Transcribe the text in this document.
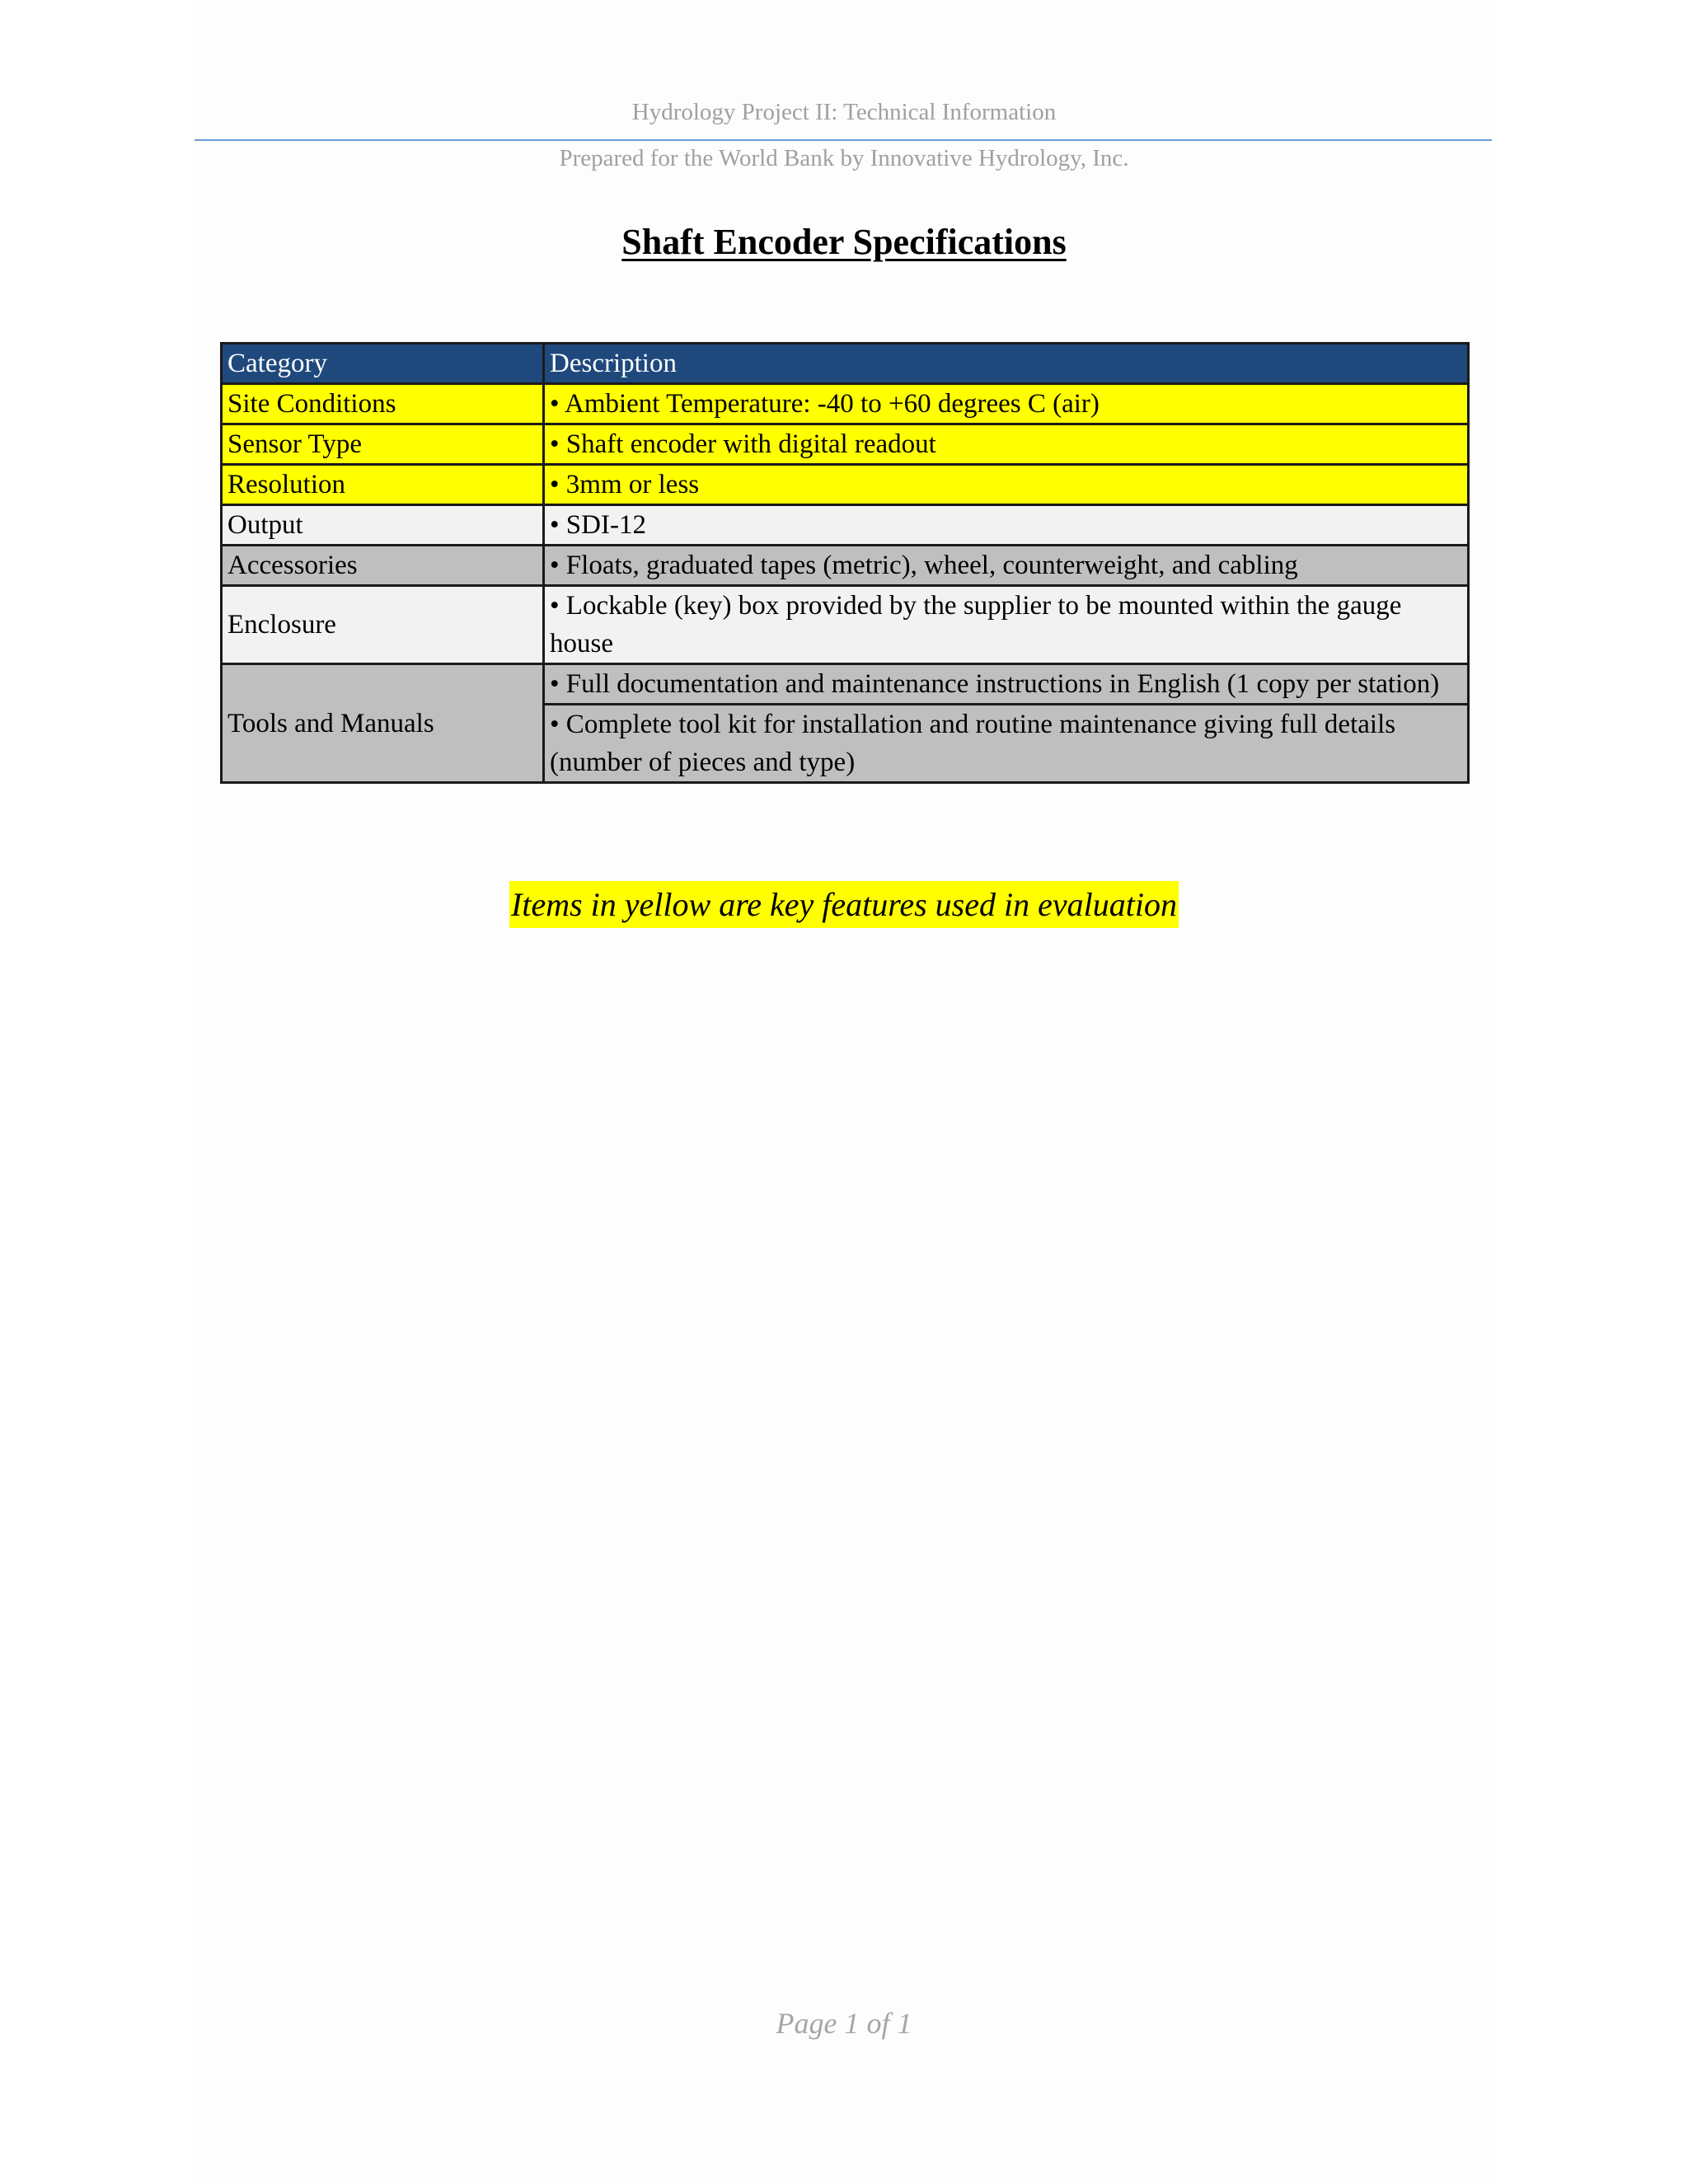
Hydrology Project II: Technical Information
Prepared for the World Bank by Innovative Hydrology, Inc.
Shaft Encoder Specifications
Category	Description
Site Conditions	• Ambient Temperature: -40 to +60 degrees C (air)
Sensor Type	• Shaft encoder with digital readout
Resolution	• 3mm or less
Output	• SDI-12
Accessories	• Floats, graduated tapes (metric), wheel, counterweight, and cabling
Enclosure	• Lockable (key) box provided by the supplier to be mounted within the gauge house
Tools and Manuals	• Full documentation and maintenance instructions in English (1 copy per station)
	• Complete tool kit for installation and routine maintenance giving full details (number of pieces and type)
Items in yellow are key features used in evaluation
Page 1 of 1
